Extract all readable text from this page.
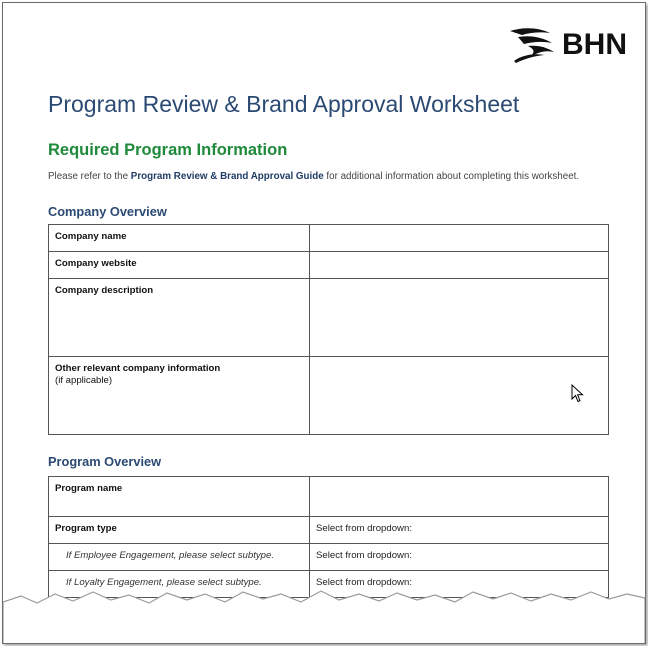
BHN
Program Review & Brand Approval Worksheet
Required Program Information
Please refer to the Program Review & Brand Approval Guide for additional information about completing this worksheet.
Company Overview
Company name	
Company website	
Company description	
Other relevant company information
(if applicable)	

Program Overview
Program name	
Program type	Select from dropdown:
If Employee Engagement, please select subtype.	Select from dropdown:
If Loyalty Engagement, please select subtype.	Select from dropdown:
